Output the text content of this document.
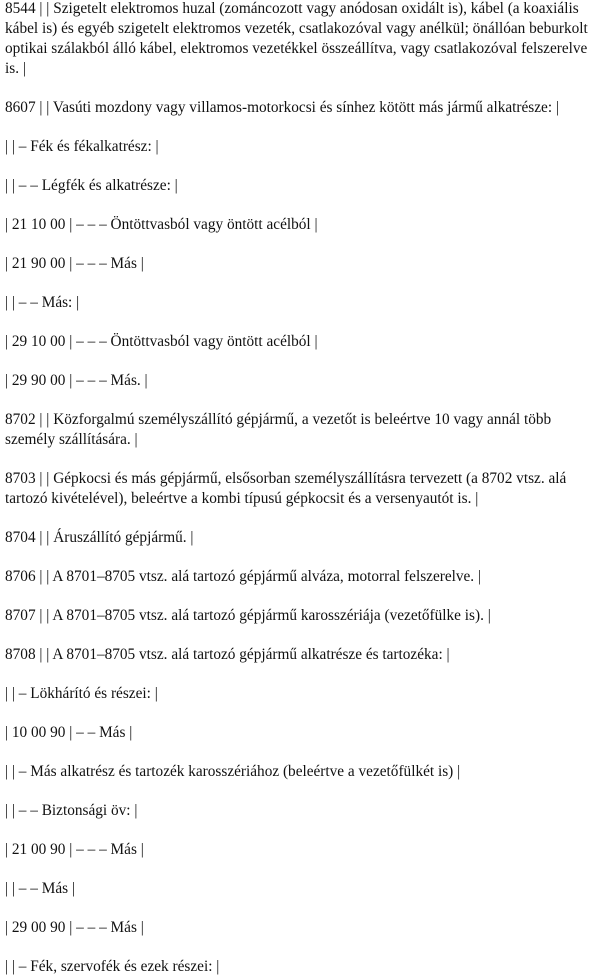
8544 | | Szigetelt elektromos huzal (zománcozott vagy anódosan oxidált is), kábel (a koaxiális kábel is) és egyéb szigetelt elektromos vezeték, csatlakozóval vagy anélkül; önállóan beburkolt optikai szálakból álló kábel, elektromos vezetékkel összeállítva, vagy csatlakozóval felszerelve is. |

8607 | | Vasúti mozdony vagy villamos-motorkocsi és sínhez kötött más jármű alkatrésze: |

| | – Fék és fékalkatrész: |

| | – – Légfék és alkatrésze: |

| 21 10 00 | – – – Öntöttvasból vagy öntött acélból |

| 21 90 00 | – – – Más |

| | – – Más: |

| 29 10 00 | – – – Öntöttvasból vagy öntött acélból |

| 29 90 00 | – – – Más. |

8702 | | Közforgalmú személyszállító gépjármű, a vezetőt is beleértve 10 vagy annál több személy szállítására. |

8703 | | Gépkocsi és más gépjármű, elsősorban személyszállításra tervezett (a 8702 vtsz. alá tartozó kivételével), beleértve a kombi típusú gépkocsit és a versenyautót is. |

8704 | | Áruszállító gépjármű. |

8706 | | A 8701–8705 vtsz. alá tartozó gépjármű alváza, motorral felszerelve. |

8707 | | A 8701–8705 vtsz. alá tartozó gépjármű karosszériája (vezetőfülke is). |

8708 | | A 8701–8705 vtsz. alá tartozó gépjármű alkatrésze és tartozéka: |

| | – Lökhárító és részei: |

| 10 00 90 | – – Más |

| | – Más alkatrész és tartozék karosszériához (beleértve a vezetőfülkét is) |

| | – – Biztonsági öv: |

| 21 00 90 | – – – Más |

| | – – Más |

| 29 00 90 | – – – Más |

| | – Fék, szervofék és ezek részei: |
